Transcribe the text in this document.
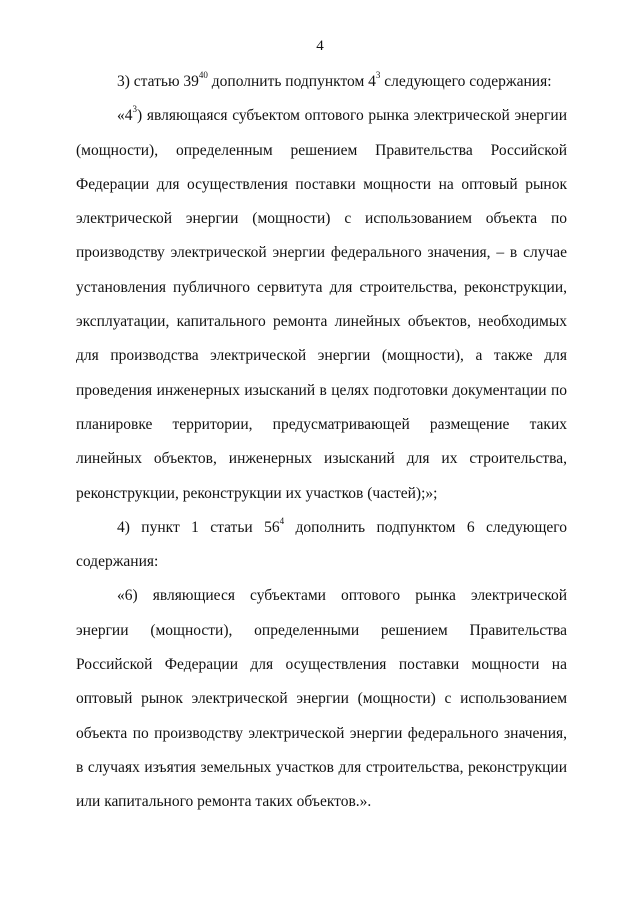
4

3) статью $39^{40}$ дополнить подпунктом $4^3$ следующего содержания:

«$4^3$) являющаяся субъектом оптового рынка электрической энергии (мощности), определенным решением Правительства Российской Федерации для осуществления поставки мощности на оптовый рынок электрической энергии (мощности) с использованием объекта по производству электрической энергии федерального значения, – в случае установления публичного сервитута для строительства, реконструкции, эксплуатации, капитального ремонта линейных объектов, необходимых для производства электрической энергии (мощности), а также для проведения инженерных изысканий в целях подготовки документации по планировке территории, предусматривающей размещение таких линейных объектов, инженерных изысканий для их строительства, реконструкции, реконструкции их участков (частей);»;

4) пункт 1 статьи $56^4$ дополнить подпунктом 6 следующего содержания:

«6) являющиеся субъектами оптового рынка электрической энергии (мощности), определенными решением Правительства Российской Федерации для осуществления поставки мощности на оптовый рынок электрической энергии (мощности) с использованием объекта по производству электрической энергии федерального значения, в случаях изъятия земельных участков для строительства, реконструкции или капитального ремонта таких объектов.».
